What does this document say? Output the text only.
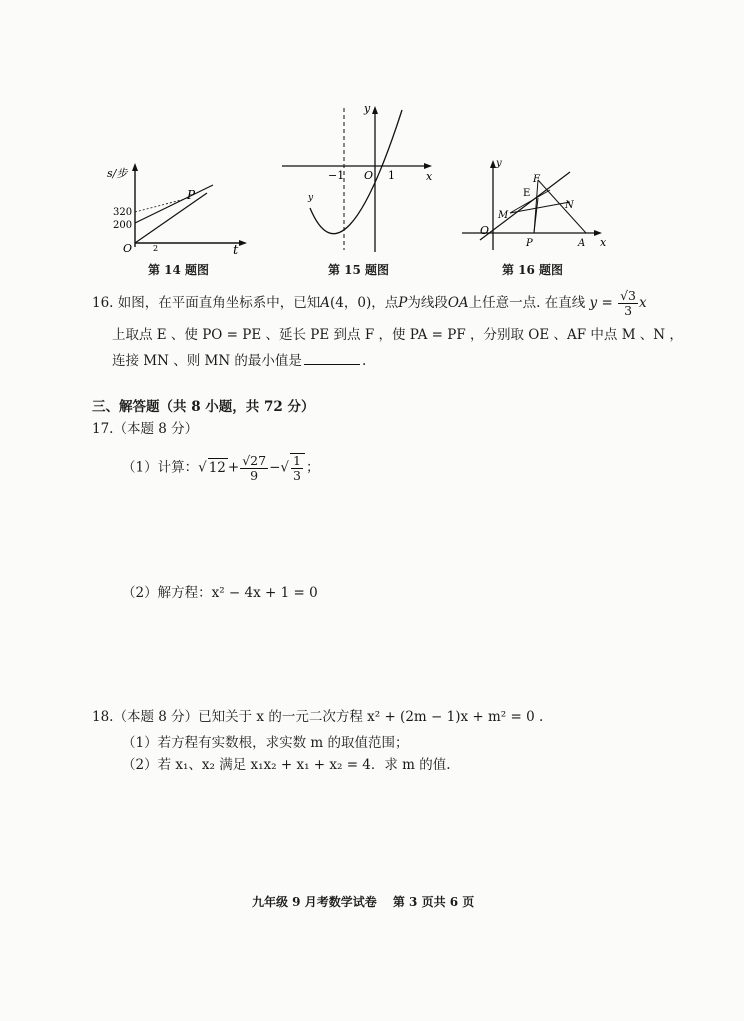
s/步
320
200
O
P
2	t
第 14 题图
y
x
−1 O 1
y
第 15 题图
y
x
O
F
E
M
N
P	A
第 16 题图
16. 如图，在平面直角坐标系中，已知A(4，0)，点P为线段OA上任意一点. 在直线 $y = \frac{√3}{3}$ x
上取点 E 、使 PO = PE 、延长 PE 到点 F ，使 PA = PF ，分别取 OE 、AF 中点 M 、N ，
连接 MN 、则 MN 的最小值是	.
三、解答题（共 8 小题，共 72 分）
17.（本题 8 分）
（1）计算：√ $12 + \frac{√27}{9}$ −√ $\frac{1}{3}$ ；
（2）解方程：x² − 4x + 1 = 0
18.（本题 8 分）已知关于 x 的一元二次方程 x² + (2m − 1)x + m² = 0 .
（1）若方程有实数根，求实数 m 的取值范围；
（2）若 x₁、x₂ 满足 x₁x₂ + x₁ + x₂ = 4．求 m 的值.
九年级 9 月考数学试卷　 第 3 页共 6 页
